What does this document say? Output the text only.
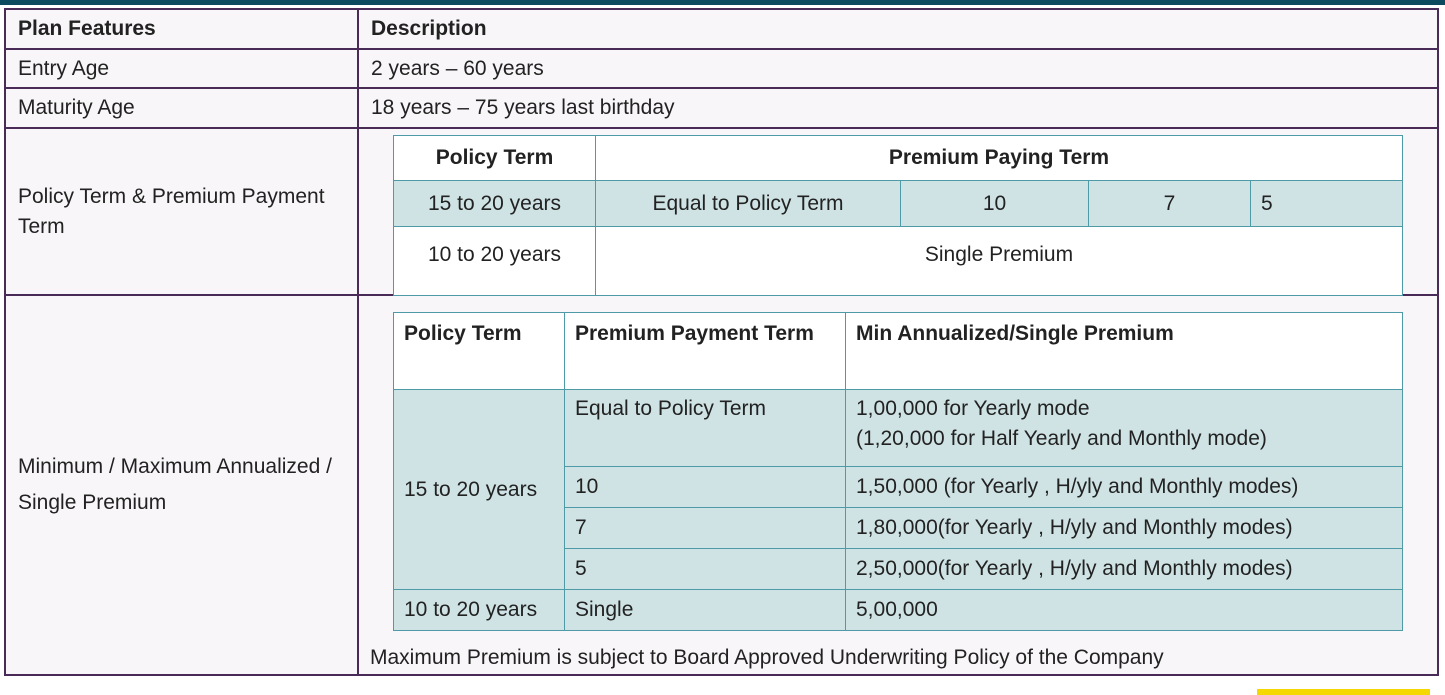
Plan Features	Description
Entry Age	2 years – 60 years
Maturity Age	18 years – 75 years last birthday
Policy Term & Premium Payment Term	
Policy Term	Premium Paying Term
15 to 20 years	Equal to Policy Term	10	7	5
10 to 20 years	Single Premium

Minimum / Maximum Annualized / Single Premium	
Policy Term	Premium Payment Term	Min Annualized/Single Premium
15 to 20 years	Equal to Policy Term	1,00,000 for Yearly mode
(1,20,000 for Half Yearly and Monthly mode)

10	1,50,000 (for Yearly , H/yly and Monthly modes)
7	1,80,000(for Yearly , H/yly and Monthly modes)
5	2,50,000(for Yearly , H/yly and Monthly modes)
10 to 20 years	Single	5,00,000
Maximum Premium is subject to Board Approved Underwriting Policy of the Company
